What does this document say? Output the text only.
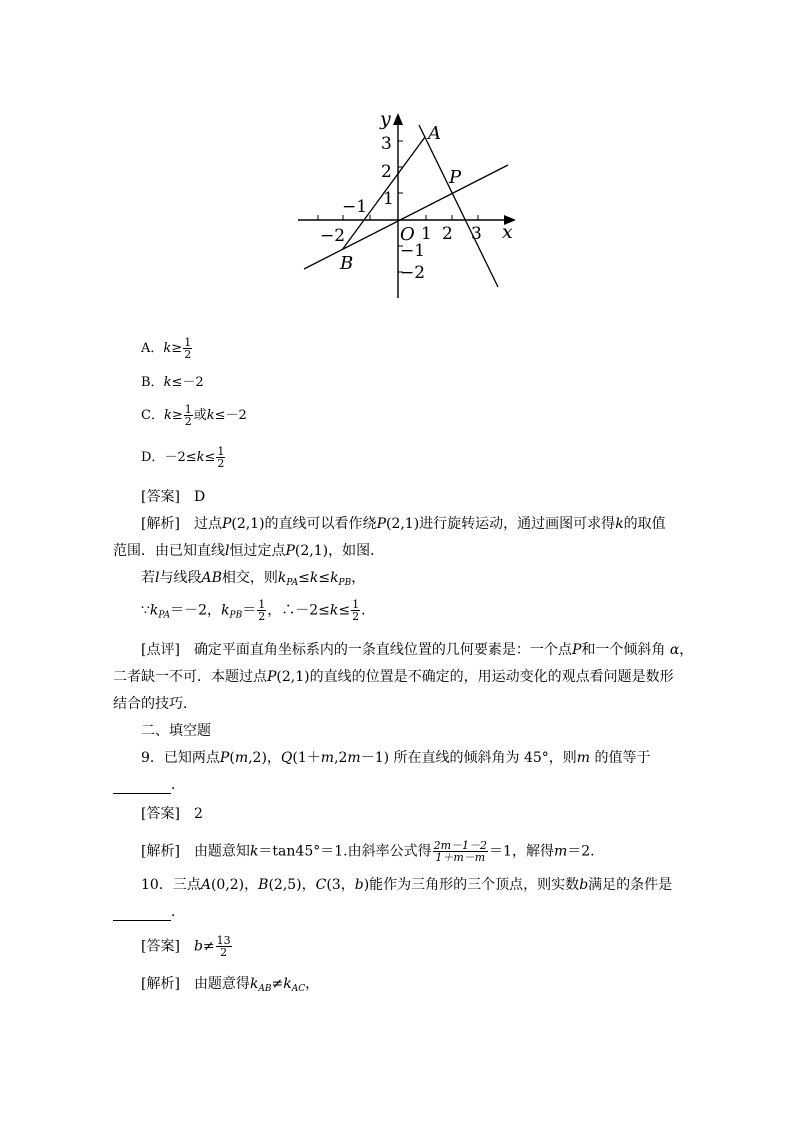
y
x
A
P
B
O
3
2
1
−1
−2	1 2 3
−1
−2
A．$k\ge \frac{1}{2}$
B．k≤－2
C．$k\ge \frac{1}{2}$ 或k≤－2
D．$-2\le k\le \frac{1}{2}$
[答案]　 D
[解析]　 过点P(2,1)的直线可以看作绕P(2,1)进行旋转运动，通过画图可求得k的取值
范围．由已知直线l恒过定点P(2,1)，如图．
若l与线段AB相交，则$k_{PA}\le k\le k_{PB}$，
$\because k_{PA}=-2$，$k_{PB}= \frac{1}{2}$ ，∴－2≤k≤ $\frac{1}{2}$ .
[点评]　 确定平面直角坐标系内的一条直线位置的几何要素是：一个点P和一个倾斜角 α，
二者缺一不可．本题过点P(2,1)的直线的位置是不确定的，用运动变化的观点看问题是数形
结合的技巧．
二、填空题
9．已知两点P(m,2)，Q(1＋m,2m－1) 所在直线的倾斜角为 45°，则m 的值等于
．
[答案]　 2
[解析]　 由题意知k＝tan45°＝1.由斜率公式得 $\frac{2m-1-2}{1+m-m} =1$，解得m＝2.
10．三点A(0,2)，B(2,5)，C(3，b)能作为三角形的三个顶点，则实数b满足的条件是
．
[答案]　 $b\ne \frac{13}{2}$
[解析]　 由题意得$k_{AB}\ne k_{AC}$，
